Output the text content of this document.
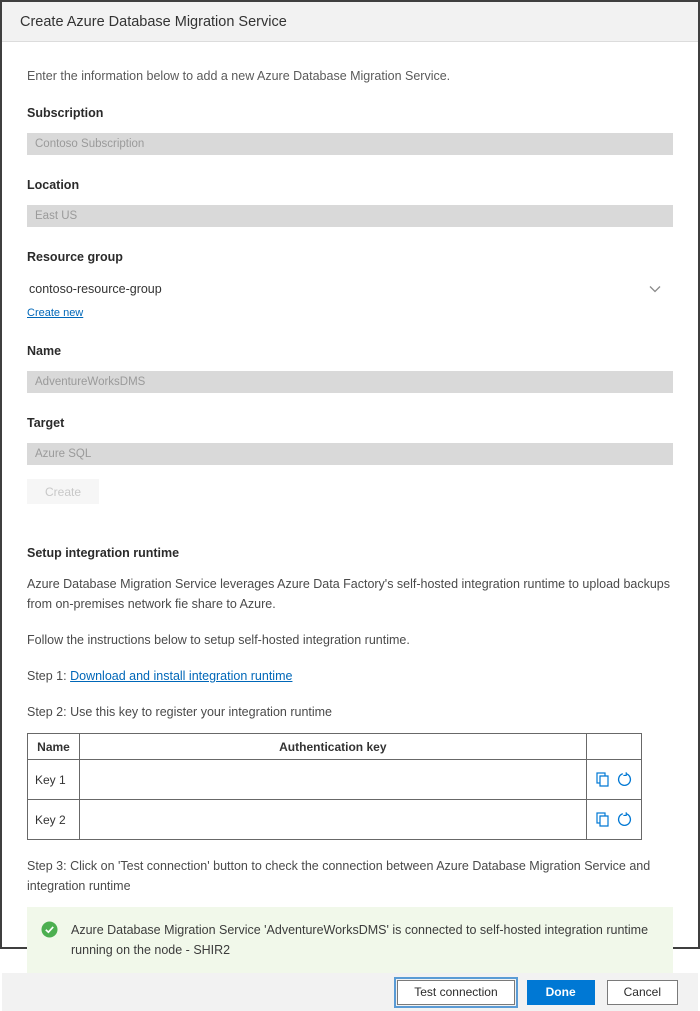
Create Azure Database Migration Service
Enter the information below to add a new Azure Database Migration Service.
Subscription
Contoso Subscription
Location
East US
Resource group
contoso-resource-group
Create new
Name
AdventureWorksDMS
Target
Azure SQL Create
Setup integration runtime
Azure Database Migration Service leverages Azure Data Factory's self-hosted integration runtime to upload backups from on-premises network fie share to Azure.
Follow the instructions below to setup self-hosted integration runtime.
Step 1: Download and install integration runtime
Step 2: Use this key to register your integration runtime
Name	Authentication key	
Key 1		
Key 2		
Step 3: Click on 'Test connection' button to check the connection between Azure Database Migration Service and integration runtime
Azure Database Migration Service 'AdventureWorksDMS' is connected to self-hosted integration runtime running on the node - SHIR2
Test connection	Done	Cancel
